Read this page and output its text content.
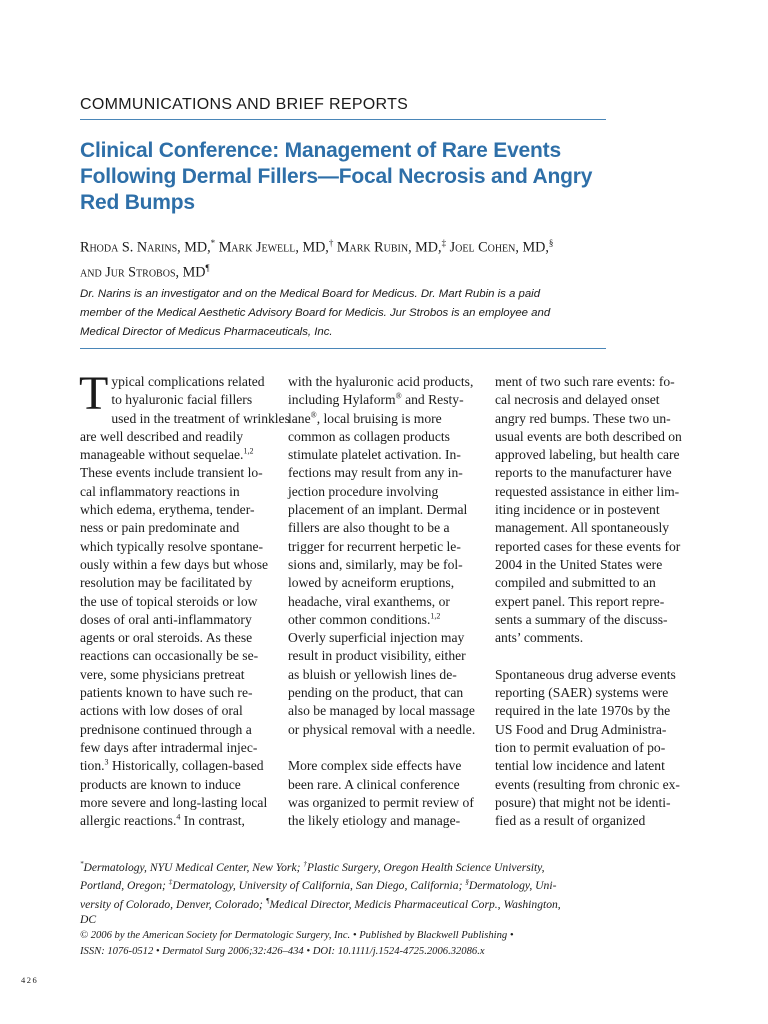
COMMUNICATIONS AND BRIEF REPORTS
Clinical Conference: Management of Rare Events
Following Dermal Fillers—Focal Necrosis and Angry
Red Bumps
Rhoda S. Narins, MD,* Mark Jewell, MD,† Mark Rubin, MD,‡ Joel Cohen, MD,§
and Jur Strobos, MD¶
Dr. Narins is an investigator and on the Medical Board for Medicus. Dr. Mart Rubin is a paid
member of the Medical Aesthetic Advisory Board for Medicis. Jur Strobos is an employee and
Medical Director of Medicus Pharmaceuticals, Inc.
T ypical complications related

to hyaluronic facial fillers

used in the treatment of wrinkles

are well described and readily

manageable without sequelae.$^{1,2}$

These events include transient lo-

cal inflammatory reactions in

which edema, erythema, tender-

ness or pain predominate and

which typically resolve spontane-

ously within a few days but whose

resolution may be facilitated by

the use of topical steroids or low

doses of oral anti-inflammatory

agents or oral steroids. As these

reactions can occasionally be se-

vere, some physicians pretreat

patients known to have such re-

actions with low doses of oral

prednisone continued through a

few days after intradermal injec-

tion.$^3$ Historically, collagen-based

products are known to induce

more severe and long-lasting local

allergic reactions.$^4$ In contrast,

with the hyaluronic acid products,

including Hylaform® and Resty-

lane®, local bruising is more

common as collagen products

stimulate platelet activation. In-

fections may result from any in-

jection procedure involving

placement of an implant. Dermal

fillers are also thought to be a

trigger for recurrent herpetic le-

sions and, similarly, may be fol-

lowed by acneiform eruptions,

headache, viral exanthems, or

other common conditions.$^{1,2}$

Overly superficial injection may

result in product visibility, either

as bluish or yellowish lines de-

pending on the product, that can

also be managed by local massage

or physical removal with a needle.

More complex side effects have

been rare. A clinical conference

was organized to permit review of

the likely etiology and manage-

ment of two such rare events: fo-

cal necrosis and delayed onset

angry red bumps. These two un-

usual events are both described on

approved labeling, but health care

reports to the manufacturer have

requested assistance in either lim-

iting incidence or in postevent

management. All spontaneously

reported cases for these events for

2004 in the United States were

compiled and submitted to an

expert panel. This report repre-

sents a summary of the discuss-

ants’ comments.

Spontaneous drug adverse events

reporting (SAER) systems were

required in the late 1970s by the

US Food and Drug Administra-

tion to permit evaluation of po-

tential low incidence and latent

events (resulting from chronic ex-

posure) that might not be identi-

fied as a result of organized

*Dermatology, NYU Medical Center, New York; †Plastic Surgery, Oregon Health Science University,
Portland, Oregon; ‡Dermatology, University of California, San Diego, California; §Dermatology, Uni-
versity of Colorado, Denver, Colorado; ¶Medical Director, Medicis Pharmaceutical Corp., Washington,
DC
© 2006 by the American Society for Dermatologic Surgery, Inc. • Published by Blackwell Publishing •
ISSN: 1076-0512 • Dermatol Surg 2006;32:426–434 • DOI: 10.1111/j.1524-4725.2006.32086.x
426
